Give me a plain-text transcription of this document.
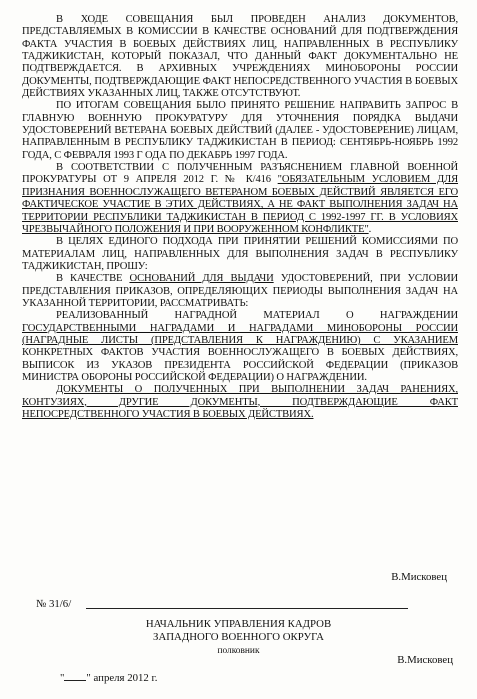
В ХОДЕ СОВЕЩАНИЯ БЫЛ ПРОВЕДЕН АНАЛИЗ ДОКУМЕНТОВ, ПРЕДСТАВЛЯЕМЫХ В КОМИССИИ В КАЧЕСТВЕ ОСНОВАНИЙ ДЛЯ ПОДТВЕРЖДЕНИЯ ФАКТА УЧАСТИЯ В БОЕВЫХ ДЕЙСТВИЯХ ЛИЦ, НАПРАВЛЕННЫХ В РЕСПУБЛИКУ ТАДЖИКИСТАН, КОТОРЫЙ ПОКАЗАЛ, ЧТО ДАННЫЙ ФАКТ ДОКУМЕНТАЛЬНО НЕ ПОДТВЕРЖДАЕТСЯ. В АРХИВНЫХ УЧРЕЖДЕНИЯХ МИНОБОРОНЫ РОССИИ ДОКУМЕНТЫ, ПОДТВЕРЖДАЮЩИЕ ФАКТ НЕПОСРЕДСТВЕННОГО УЧАСТИЯ В БОЕВЫХ ДЕЙСТВИЯХ УКАЗАННЫХ ЛИЦ, ТАКЖЕ ОТСУТСТВУЮТ.

ПО ИТОГАМ СОВЕЩАНИЯ БЫЛО ПРИНЯТО РЕШЕНИЕ НАПРАВИТЬ ЗАПРОС В ГЛАВНУЮ ВОЕННУЮ ПРОКУРАТУРУ ДЛЯ УТОЧНЕНИЯ ПОРЯДКА ВЫДАЧИ УДОСТОВЕРЕНИЙ ВЕТЕРАНА БОЕВЫХ ДЕЙСТВИЙ (ДАЛЕЕ - УДОСТОВЕРЕНИЕ) ЛИЦАМ, НАПРАВЛЕННЫМ В РЕСПУБЛИКУ ТАДЖИКИСТАН В ПЕРИОД: СЕНТЯБРЬ-НОЯБРЬ 1992 ГОДА, С ФЕВРАЛЯ 1993 Г ОДА ПО ДЕКАБРЬ 1997 ГОДА.

В СООТВЕТСТВИИ С ПОЛУЧЕННЫМ РАЗЪЯСНЕНИЕМ ГЛАВНОЙ ВОЕННОЙ ПРОКУРАТУРЫ ОТ 9 АПРЕЛЯ 2012 Г. № К/416 "ОБЯЗАТЕЛЬНЫМ УСЛОВИЕМ ДЛЯ ПРИЗНАНИЯ ВОЕННОСЛУЖАЩЕГО ВЕТЕРАНОМ БОЕВЫХ ДЕЙСТВИЙ ЯВЛЯЕТСЯ ЕГО ФАКТИЧЕСКОЕ УЧАСТИЕ В ЭТИХ ДЕЙСТВИЯХ, А НЕ ФАКТ ВЫПОЛНЕНИЯ ЗАДАЧ НА ТЕРРИТОРИИ РЕСПУБЛИКИ ТАДЖИКИСТАН В ПЕРИОД С 1992-1997 ГГ. В УСЛОВИЯХ ЧРЕЗВЫЧАЙНОГО ПОЛОЖЕНИЯ И ПРИ ВООРУЖЕННОМ КОНФЛИКТЕ".

В ЦЕЛЯХ ЕДИНОГО ПОДХОДА ПРИ ПРИНЯТИИ РЕШЕНИЙ КОМИССИЯМИ ПО МАТЕРИАЛАМ ЛИЦ, НАПРАВЛЕННЫХ ДЛЯ ВЫПОЛНЕНИЯ ЗАДАЧ В РЕСПУБЛИКУ ТАДЖИКИСТАН, ПРОШУ:

В КАЧЕСТВЕ ОСНОВАНИЙ ДЛЯ ВЫДАЧИ УДОСТОВЕРЕНИЙ, ПРИ УСЛОВИИ ПРЕДСТАВЛЕНИЯ ПРИКАЗОВ, ОПРЕДЕЛЯЮЩИХ ПЕРИОДЫ ВЫПОЛНЕНИЯ ЗАДАЧ НА УКАЗАННОЙ ТЕРРИТОРИИ, РАССМАТРИВАТЬ:

РЕАЛИЗОВАННЫЙ НАГРАДНОЙ МАТЕРИАЛ О НАГРАЖДЕНИИ ГОСУДАРСТВЕННЫМИ НАГРАДАМИ И НАГРАДАМИ МИНОБОРОНЫ РОССИИ (НАГРАДНЫЕ ЛИСТЫ (ПРЕДСТАВЛЕНИЯ К НАГРАЖДЕНИЮ) С УКАЗАНИЕМ КОНКРЕТНЫХ ФАКТОВ УЧАСТИЯ ВОЕННОСЛУЖАЩЕГО В БОЕВЫХ ДЕЙСТВИЯХ, ВЫПИСОК ИЗ УКАЗОВ ПРЕЗИДЕНТА РОССИЙСКОЙ ФЕДЕРАЦИИ (ПРИКАЗОВ МИНИСТРА ОБОРОНЫ РОССИЙСКОЙ ФЕДЕРАЦИИ) О НАГРАЖДЕНИИ.

ДОКУМЕНТЫ О ПОЛУЧЕННЫХ ПРИ ВЫПОЛНЕНИИ ЗАДАЧ РАНЕНИЯХ, КОНТУЗИЯХ, ДРУГИЕ ДОКУМЕНТЫ, ПОДТВЕРЖДАЮЩИЕ ФАКТ НЕПОСРЕДСТВЕННОГО УЧАСТИЯ В БОЕВЫХ ДЕЙСТВИЯХ.

В.Мисковец
№ 31/6/
НАЧАЛЬНИК УПРАВЛЕНИЯ КАДРОВ
ЗАПАДНОГО ВОЕННОГО ОКРУГА
полковник
В.Мисковец
" " апреля 2012 г.
